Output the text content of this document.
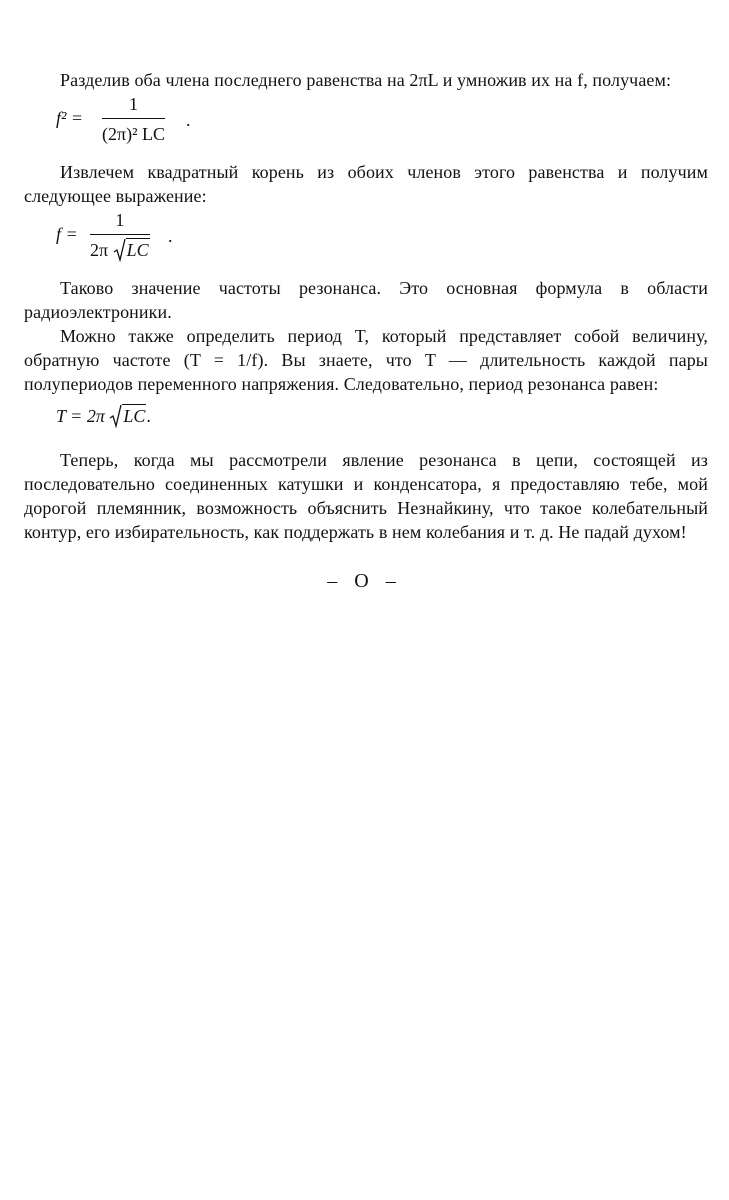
Разделив оба члена последнего равенства на 2πL и умножив их на f, получаем:

f² =
1
(2π)² LC
.

Извлечем квадратный корень из обоих членов этого равенства и получим следующее выражение:

f =
1
2π LC
.

Таково значение частоты резонанса. Это основная формула в области радиоэлектроники.

Можно также определить период T, который представляет собой величину, обратную частоте (T = 1/f). Вы знаете, что T — длительность каждой пары полупериодов переменного напряжения. Следовательно, период резонанса равен:

T = 2π LC.

Теперь, когда мы рассмотрели явление резонанса в цепи, состоящей из последовательно соединенных катушки и конденсатора, я предоставляю тебе, мой дорогой племянник, возможность объяснить Незнайкину, что такое колебательный контур, его избирательность, как поддержать в нем колебания и т. д. Не падай духом!

– О –
